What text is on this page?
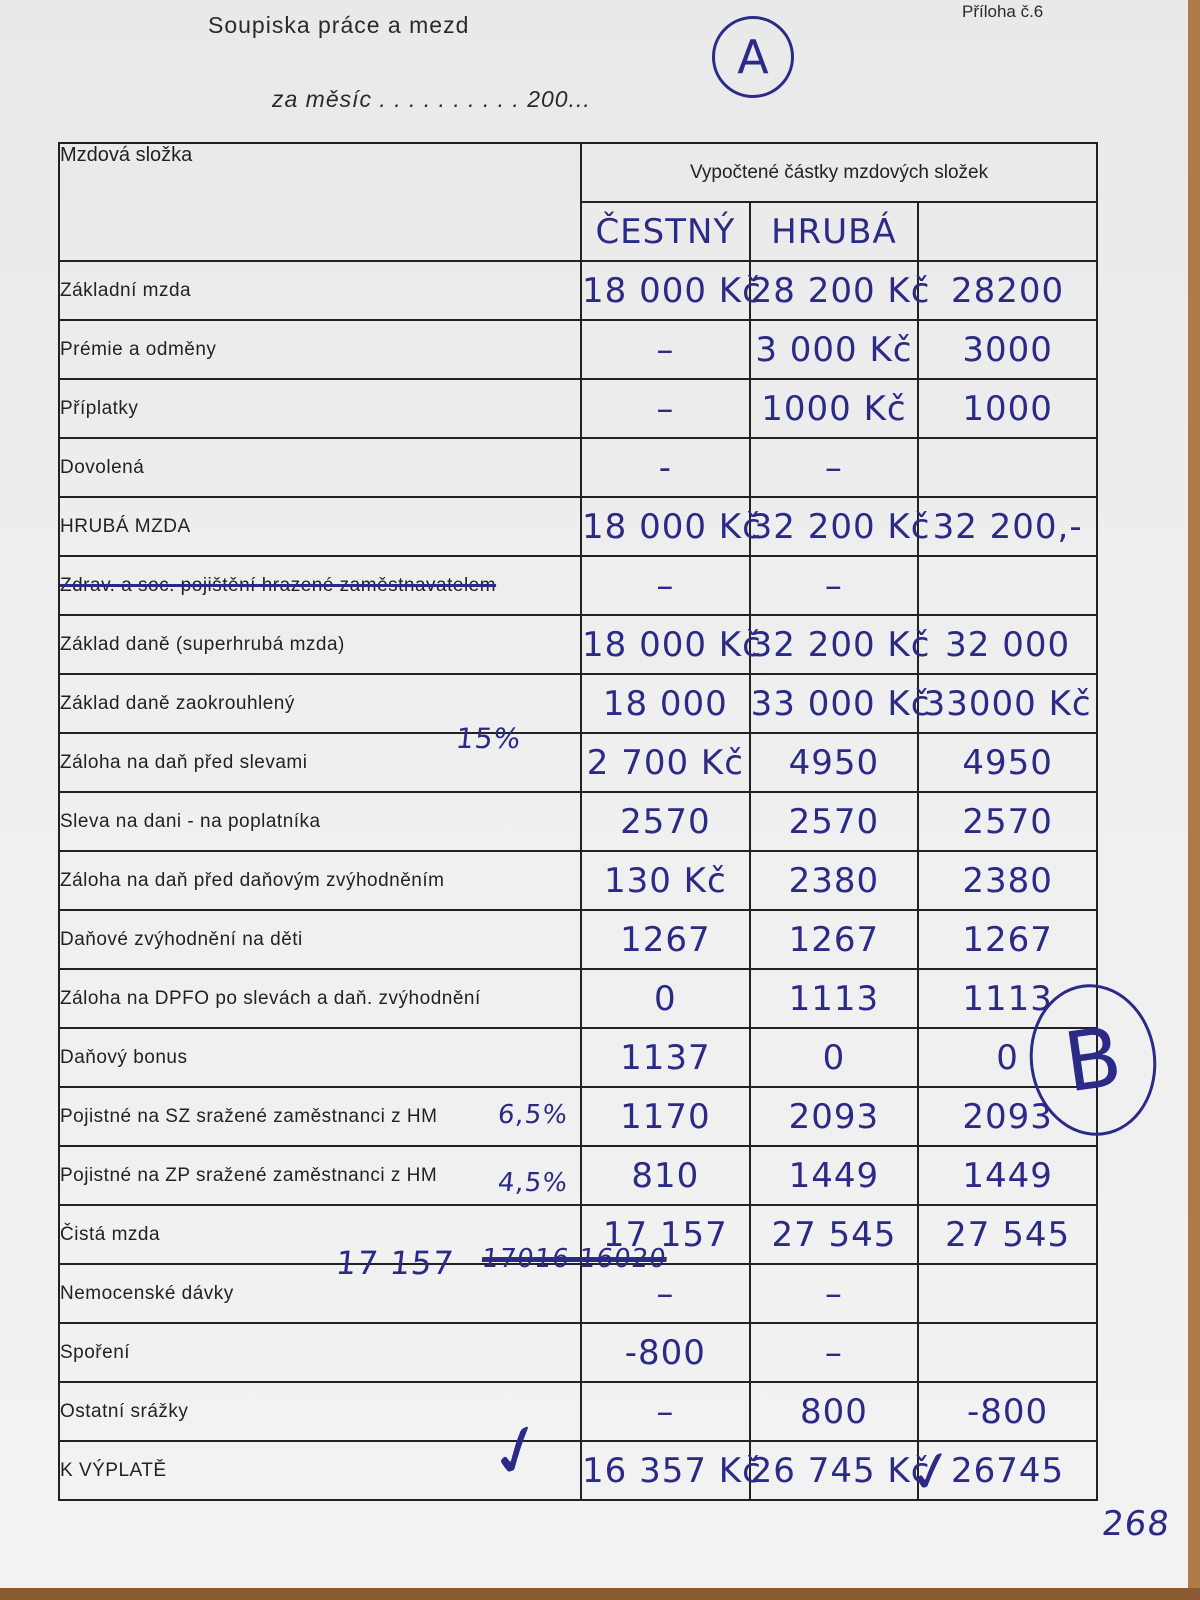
Soupiska práce a mezd
Příloha č.6
za měsíc . . . . . . . . . . 200...
A
Mzdová složka	Vypočtené částky mzdových složek		
	ČESTNÝ	HRUBÁ	
Základní mzda	18 000 Kč	28 200 Kč	28200
Prémie a odměny	–	3 000 Kč	3000
Příplatky	–	1000 Kč	1000
Dovolená	-	–	
HRUBÁ MZDA	18 000 Kč	32 200 Kč	32 200,-
Zdrav. a soc. pojištění hrazené zaměstnavatelem	–	–	
Základ daně (superhrubá mzda)	18 000 Kč	32 200 Kč	32 000
Základ daně zaokrouhlený	18 000	33 000 Kč	33000 Kč
Záloha na daň před slevami	2 700 Kč	4950	4950
Sleva na dani - na poplatníka	2570	2570	2570
Záloha na daň před daňovým zvýhodněním	130 Kč	2380	2380
Daňové zvýhodnění na děti	1267	1267	1267
Záloha na DPFO po slevách a daň. zvýhodnění	0	1113	1113
Daňový bonus	1137	0	0
Pojistné na SZ sražené zaměstnanci z HM	1170	2093	2093
Pojistné na ZP sražené zaměstnanci z HM	810	1449	1449
Čistá mzda	17 157	27 545	27 545
Nemocenské dávky	–	–	
Spoření	-800	–	
Ostatní srážky	–	800	-800
K VÝPLATĚ	16 357 Kč	26 745 Kč	26745
15%
6,5%
4,5%
17 157 17016 16020
✓	✓
B
268
